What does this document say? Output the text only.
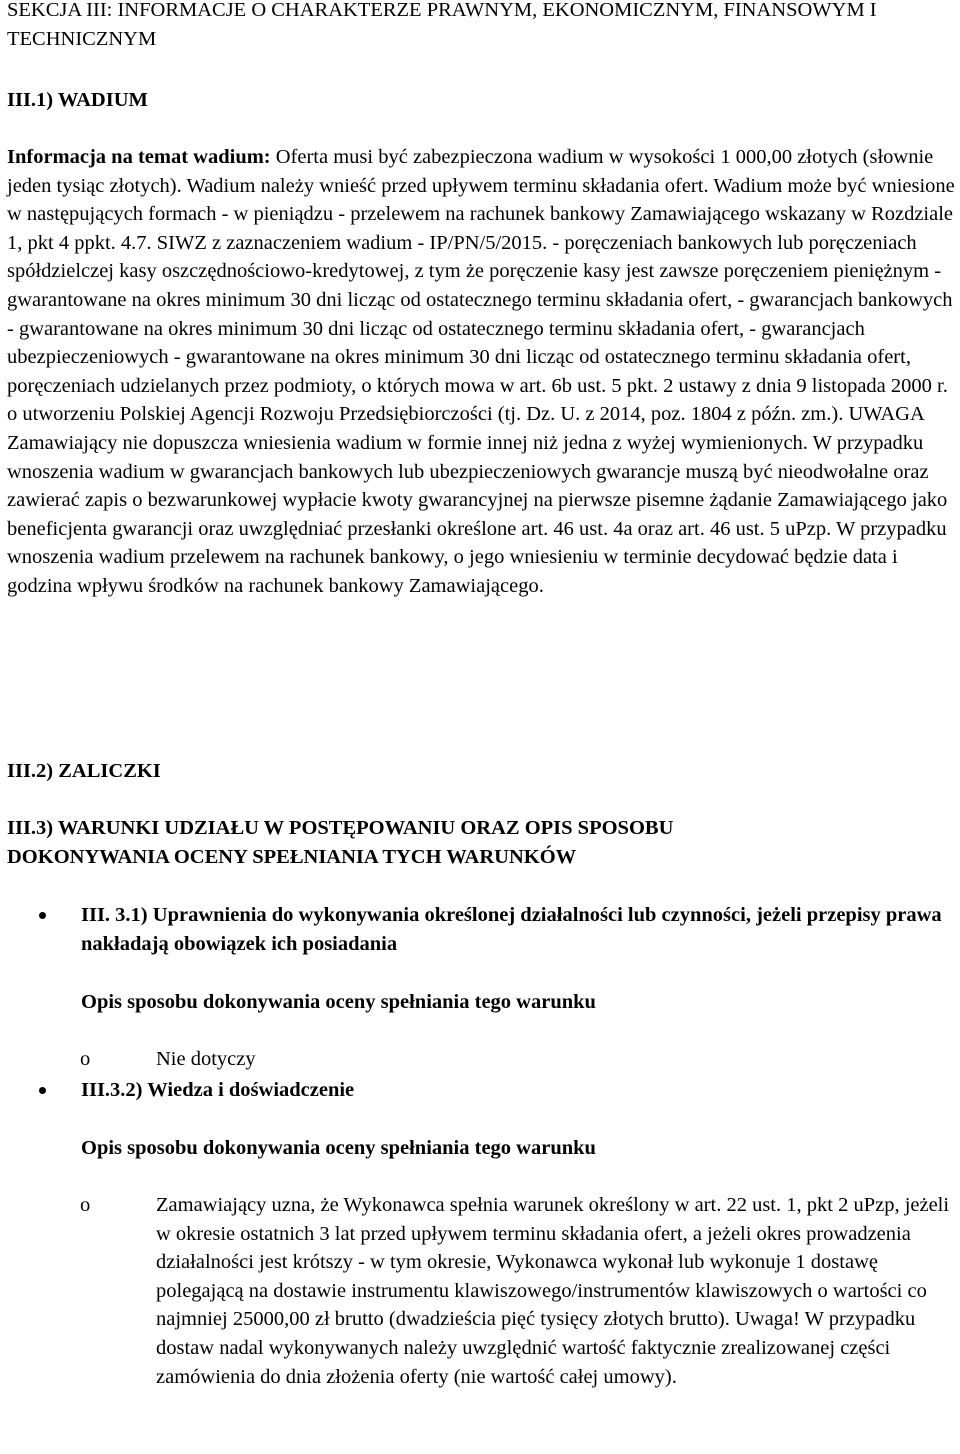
SEKCJA III: INFORMACJE O CHARAKTERZE PRAWNYM, EKONOMICZNYM, FINANSOWYM I TECHNICZNYM
III.1) WADIUM
Informacja na temat wadium: Oferta musi być zabezpieczona wadium w wysokości 1 000,00 złotych (słownie jeden tysiąc złotych). Wadium należy wnieść przed upływem terminu składania ofert. Wadium może być wniesione w następujących formach - w pieniądzu - przelewem na rachunek bankowy Zamawiającego wskazany w Rozdziale 1, pkt 4 ppkt. 4.7. SIWZ z zaznaczeniem wadium - IP/PN/5/2015. - poręczeniach bankowych lub poręczeniach spółdzielczej kasy oszczędnościowo-kredytowej, z tym że poręczenie kasy jest zawsze poręczeniem pieniężnym - gwarantowane na okres minimum 30 dni licząc od ostatecznego terminu składania ofert, - gwarancjach bankowych - gwarantowane na okres minimum 30 dni licząc od ostatecznego terminu składania ofert, - gwarancjach ubezpieczeniowych - gwarantowane na okres minimum 30 dni licząc od ostatecznego terminu składania ofert, poręczeniach udzielanych przez podmioty, o których mowa w art. 6b ust. 5 pkt. 2 ustawy z dnia 9 listopada 2000 r. o utworzeniu Polskiej Agencji Rozwoju Przedsiębiorczości (tj. Dz. U. z 2014, poz. 1804 z późn. zm.). UWAGA Zamawiający nie dopuszcza wniesienia wadium w formie innej niż jedna z wyżej wymienionych. W przypadku wnoszenia wadium w gwarancjach bankowych lub ubezpieczeniowych gwarancje muszą być nieodwołalne oraz zawierać zapis o bezwarunkowej wypłacie kwoty gwarancyjnej na pierwsze pisemne żądanie Zamawiającego jako beneficjenta gwarancji oraz uwzględniać przesłanki określone art. 46 ust. 4a oraz art. 46 ust. 5 uPzp. W przypadku wnoszenia wadium przelewem na rachunek bankowy, o jego wniesieniu w terminie decydować będzie data i godzina wpływu środków na rachunek bankowy Zamawiającego.
III.2) ZALICZKI
III.3) WARUNKI UDZIAŁU W POSTĘPOWANIU ORAZ OPIS SPOSOBU
DOKONYWANIA OCENY SPEŁNIANIA TYCH WARUNKÓW
III. 3.1) Uprawnienia do wykonywania określonej działalności lub czynności, jeżeli przepisy prawa nakładają obowiązek ich posiadania
Opis sposobu dokonywania oceny spełniania tego warunku
o	Nie dotyczy
III.3.2) Wiedza i doświadczenie
Opis sposobu dokonywania oceny spełniania tego warunku
o	Zamawiający uzna, że Wykonawca spełnia warunek określony w art. 22 ust. 1, pkt 2 uPzp, jeżeli w okresie ostatnich 3 lat przed upływem terminu składania ofert, a jeżeli okres prowadzenia działalności jest krótszy - w tym okresie, Wykonawca wykonał lub wykonuje 1 dostawę polegającą na dostawie instrumentu klawiszowego/instrumentów klawiszowych o wartości co najmniej 25000,00 zł brutto (dwadzieścia pięć tysięcy złotych brutto). Uwaga! W przypadku dostaw nadal wykonywanych należy uwzględnić wartość faktycznie zrealizowanej części zamówienia do dnia złożenia oferty (nie wartość całej umowy).
